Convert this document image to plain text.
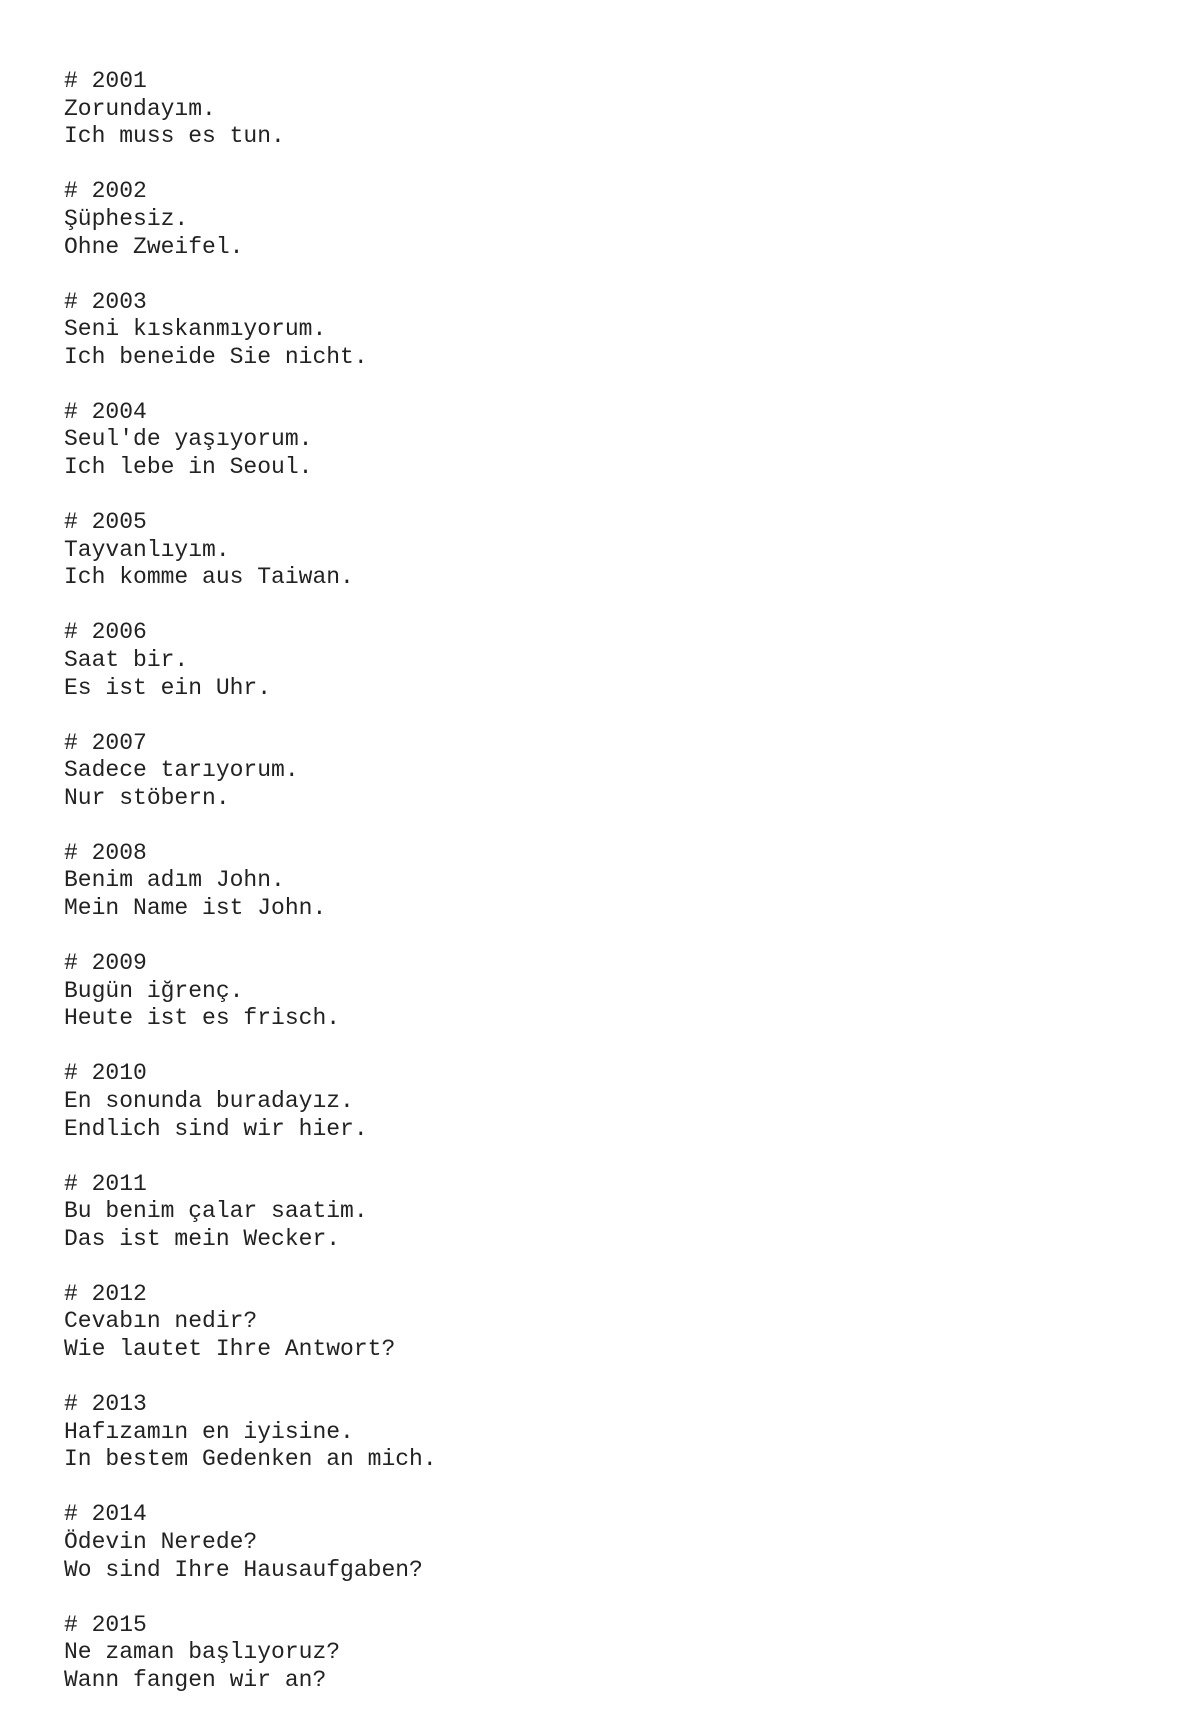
# 2001
Zorundayım.
Ich muss es tun.
# 2002
Şüphesiz.
Ohne Zweifel.
# 2003
Seni kıskanmıyorum.
Ich beneide Sie nicht.
# 2004
Seul'de yaşıyorum.
Ich lebe in Seoul.
# 2005
Tayvanlıyım.
Ich komme aus Taiwan.
# 2006
Saat bir.
Es ist ein Uhr.
# 2007
Sadece tarıyorum.
Nur stöbern.
# 2008
Benim adım John.
Mein Name ist John.
# 2009
Bugün iğrenç.
Heute ist es frisch.
# 2010
En sonunda buradayız.
Endlich sind wir hier.
# 2011
Bu benim çalar saatim.
Das ist mein Wecker.
# 2012
Cevabın nedir?
Wie lautet Ihre Antwort?
# 2013
Hafızamın en iyisine.
In bestem Gedenken an mich.
# 2014
Ödevin Nerede?
Wo sind Ihre Hausaufgaben?
# 2015
Ne zaman başlıyoruz?
Wann fangen wir an?
